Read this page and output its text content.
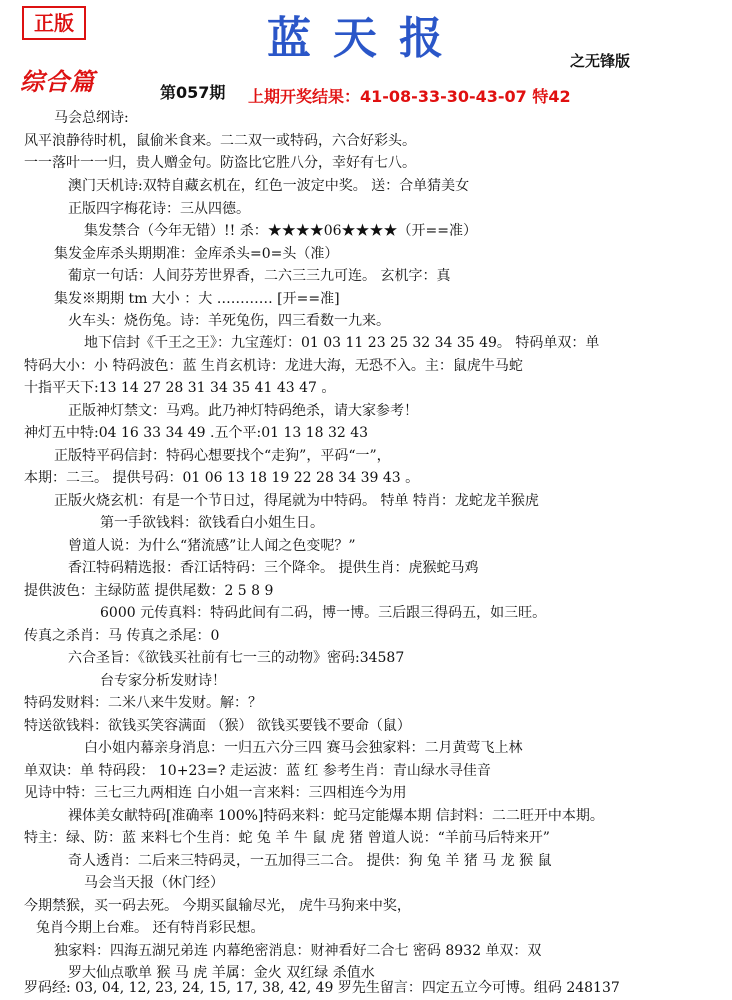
正版	蓝天报	之无锋版
综合篇	第057期 上期开奖结果：41-08-33-30-43-07 特42
马会总纲诗:
风平浪静待时机，鼠偷米食来。二二双一或特码，六合好彩头。
一一落叶一一归，贵人赠金句。防盗比它胜八分，幸好有七八。
澳门天机诗:双特自藏玄机在，红色一波定中奖。 送：合单猜美女
正版四字梅花诗：三从四德。
集发禁合（今年无错）!! 杀：★★★★06★★★★（开==准）
集发金库杀头期期准：金库杀头=0=头（准）
葡京一句话：人间芬芳世界香，二六三三九可连。 玄机字：真
集发※期期 tm 大小 ：大 ………… [开==准]
火车头：烧伤兔。诗：羊死兔伤，四三看数一九来。
地下信封《千王之王》：九宝莲灯：01 03 11 23 25 32 34 35 49。 特码单双：单
特码大小：小 特码波色：蓝 生肖玄机诗：龙进大海，无恐不入。主：鼠虎牛马蛇
十指平天下:13 14 27 28 31 34 35 41 43 47 。
正版神灯禁文：马鸡。此乃神灯特码绝杀，请大家参考！
神灯五中特:04 16 33 34 49 .五个平:01 13 18 32 43
正版特平码信封：特码心想要找个“走狗”，平码“一”，
本期：二三。 提供号码：01 06 13 18 19 22 28 34 39 43 。
正版火烧玄机：有是一个节日过，得尾就为中特码。 特单 特肖：龙蛇龙羊猴虎
第一手欲钱料：欲钱看白小姐生日。
曾道人说：为什么“猪流感”让人闻之色变呢？”
香江特码精选报：香江话特码：三个降伞。 提供生肖：虎猴蛇马鸡
提供波色：主绿防蓝 提供尾数：2 5 8 9
6000 元传真料：特码此间有二码，博一博。三后跟三得码五，如三旺。
传真之杀肖：马 传真之杀尾：0
六合圣旨：《欲钱买社前有七一三的动物》密码:34587
台专家分析发财诗！
特码发财料：二米八来牛发财。解：？
特送欲钱料：欲钱买笑容满面 （猴） 欲钱买要钱不要命（鼠）
白小姐内幕亲身消息：一归五六分三四 赛马会独家料：二月黄莺飞上林
单双诀：单 特码段： 10+23=? 走运波：蓝 红 参考生肖：青山绿水寻佳音
见诗中特：三七三九两相连 白小姐一言来料：三四相连今为用
裸体美女献特码[准确率 100%]特码来料：蛇马定能爆本期 信封料：二二旺开中本期。
特主：绿、防：蓝 来料七个生肖：蛇 兔 羊 牛 鼠 虎 猪 曾道人说：“羊前马后特来开”
奇人透肖：二后来三特码灵，一五加得三二合。 提供：狗 兔 羊 猪 马 龙 猴 鼠
马会当天报（休门经）
今期禁猴，买一码去死。 今期买鼠输尽光， 虎牛马狗来中奖，
兔肖今期上台难。 还有特肖彩民想。
独家料：四海五湖兄弟连 内幕绝密消息：财神看好二合七 密码 8932 单双：双
罗大仙点歌单 猴 马 虎 羊属：金火 双红绿 杀值水
罗码经: 03, 04, 12, 23, 24, 15, 17, 38, 42, 49 罗先生留言：四定五立今可博。组码 248137
